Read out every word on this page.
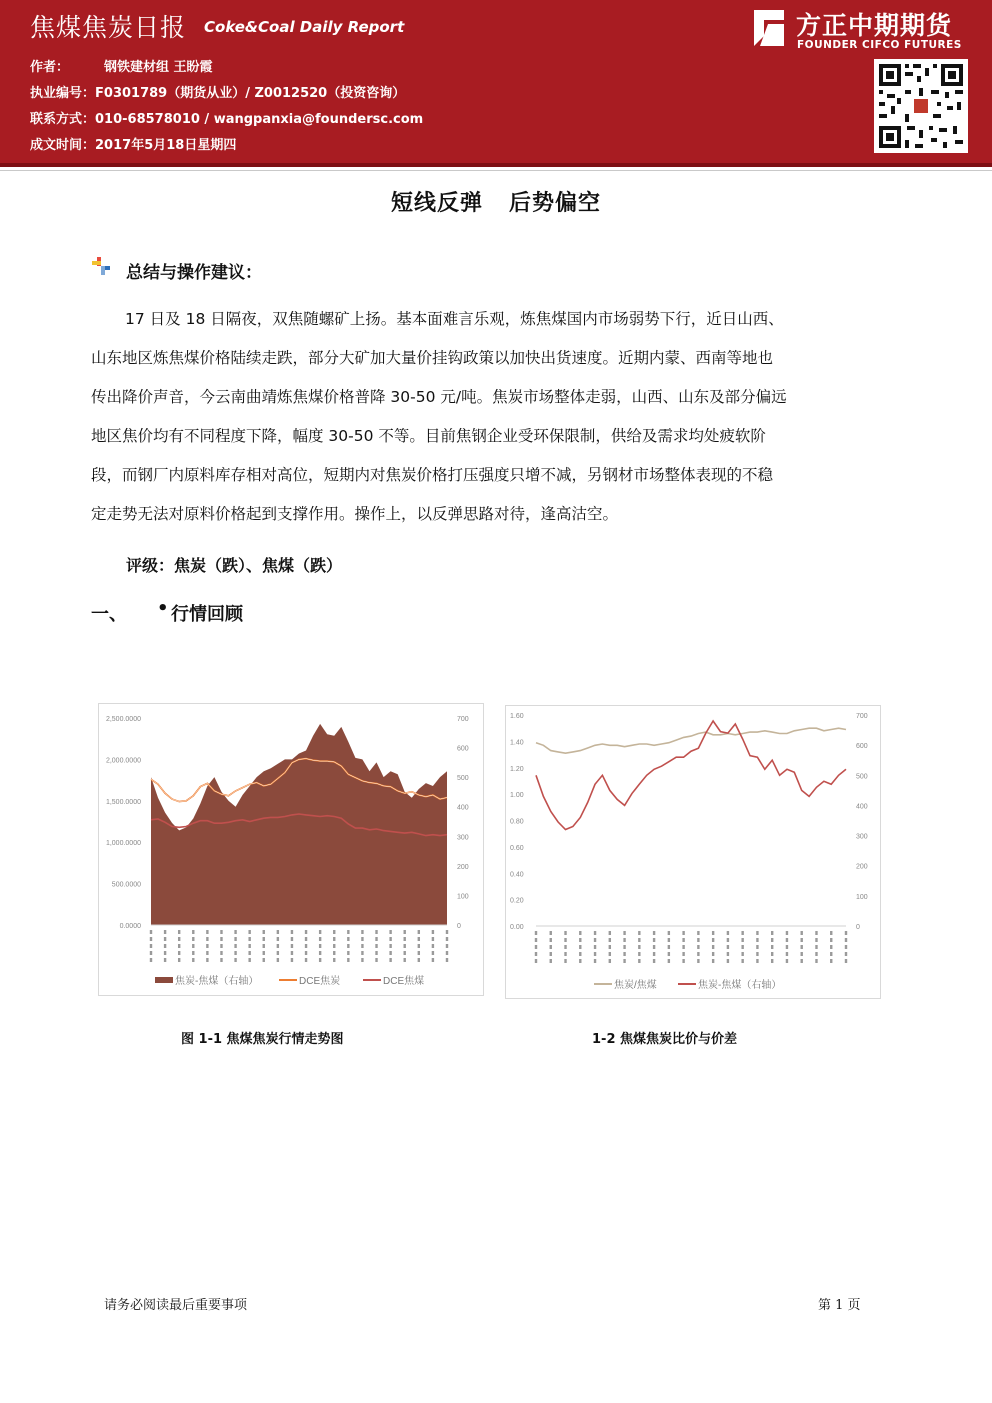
焦煤焦炭日报 Coke&Coal Daily Report
作者：	钢铁建材组 王盼霞
执业编号：F0301789（期货从业）/ Z0012520（投资咨询）
联系方式：010-68578010 / wangpanxia@foundersc.com
成文时间：2017年5月18日星期四
方正中期期货
FOUNDER CIFCO FUTURES
短线反弹   后势偏空
总结与操作建议：
17 日及 18 日隔夜，双焦随螺矿上扬。基本面难言乐观，炼焦煤国内市场弱势下行，近日山西、
山东地区炼焦煤价格陆续走跌，部分大矿加大量价挂钩政策以加快出货速度。近期内蒙、西南等地也
传出降价声音，今云南曲靖炼焦煤价格普降 30-50 元/吨。焦炭市场整体走弱，山西、山东及部分偏远
地区焦价均有不同程度下降，幅度 30-50 不等。目前焦钢企业受环保限制，供给及需求均处疲软阶
段，而钢厂内原料库存相对高位，短期内对焦炭价格打压强度只增不减，另钢材市场整体表现的不稳
定走势无法对原料价格起到支撑作用。操作上，以反弹思路对待，逢高沽空。
评级：焦炭（跌）、焦煤（跌）
一、 • 行情回顾
2,500.0000
2,000.0000
1,500.0000
1,000.0000
500.0000
0.0000
700
600
500
400
300
200
100
0
焦炭-焦煤（右轴）	DCE焦炭	DCE焦煤
图 1-1 焦煤焦炭行情走势图
1.60
1.40
1.20
1.00
0.80
0.60
0.40
0.20
0.00
700
600
500
400
300
200
100
0
焦炭/焦煤	焦炭-焦煤（右轴）
1-2 焦煤焦炭比价与价差
请务必阅读最后重要事项	第 1 页
